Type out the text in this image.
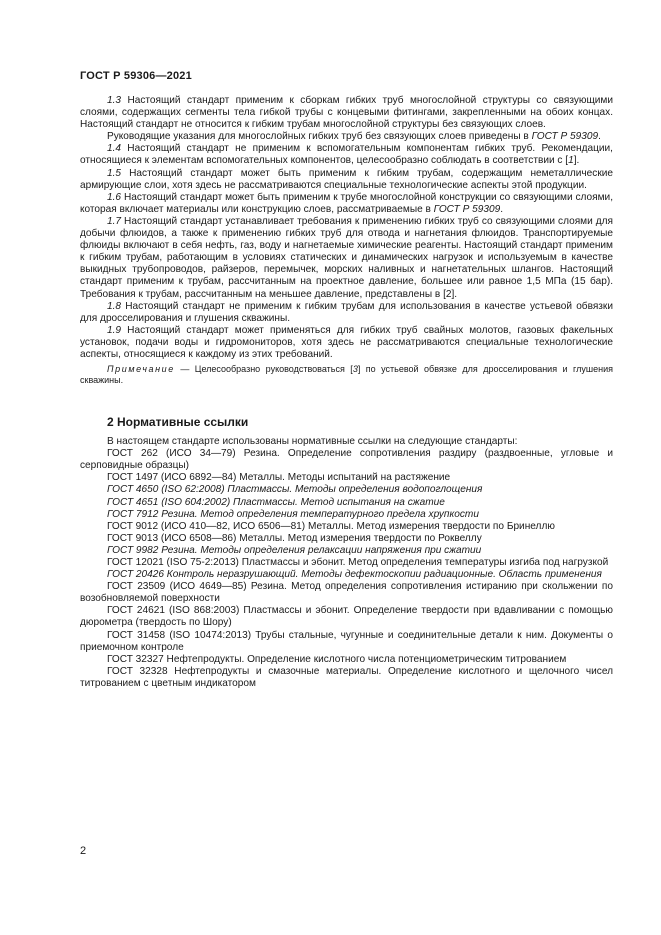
ГОСТ Р 59306—2021

1.3 Настоящий стандарт применим к сборкам гибких труб многослойной структуры со связующими слоями, содержащих сегменты тела гибкой трубы с концевыми фитингами, закрепленными на обоих концах. Настоящий стандарт не относится к гибким трубам многослойной структуры без связующих слоев.

Руководящие указания для многослойных гибких труб без связующих слоев приведены в ГОСТ Р 59309.

1.4 Настоящий стандарт не применим к вспомогательным компонентам гибких труб. Рекомендации, относящиеся к элементам вспомогательных компонентов, целесообразно соблюдать в соответствии с [1].

1.5 Настоящий стандарт может быть применим к гибким трубам, содержащим неметаллические армирующие слои, хотя здесь не рассматриваются специальные технологические аспекты этой продукции.

1.6 Настоящий стандарт может быть применим к трубе многослойной конструкции со связующими слоями, которая включает материалы или конструкцию слоев, рассматриваемые в ГОСТ Р 59309.

1.7 Настоящий стандарт устанавливает требования к применению гибких труб со связующими слоями для добычи флюидов, а также к применению гибких труб для отвода и нагнетания флюидов. Транспортируемые флюиды включают в себя нефть, газ, воду и нагнетаемые химические реагенты. Настоящий стандарт применим к гибким трубам, работающим в условиях статических и динамических нагрузок и используемым в качестве выкидных трубопроводов, райзеров, перемычек, морских наливных и нагнетательных шлангов. Настоящий стандарт применим к трубам, рассчитанным на проектное давление, большее или равное 1,5 МПа (15 бар). Требования к трубам, рассчитанным на меньшее давление, представлены в [2].

1.8 Настоящий стандарт не применим к гибким трубам для использования в качестве устьевой обвязки для дросселирования и глушения скважины.

1.9 Настоящий стандарт может применяться для гибких труб свайных молотов, газовых факельных установок, подачи воды и гидромониторов, хотя здесь не рассматриваются специальные технологические аспекты, относящиеся к каждому из этих требований.

Примечание — Целесообразно руководствоваться [3] по устьевой обвязке для дросселирования и глушения скважины.

2 Нормативные ссылки

В настоящем стандарте использованы нормативные ссылки на следующие стандарты:

ГОСТ 262 (ИСО 34—79) Резина. Определение сопротивления раздиру (раздвоенные, угловые и серповидные образцы)

ГОСТ 1497 (ИСО 6892—84) Металлы. Методы испытаний на растяжение

ГОСТ 4650 (ISO 62:2008) Пластмассы. Методы определения водопоглощения

ГОСТ 4651 (ISO 604:2002) Пластмассы. Метод испытания на сжатие

ГОСТ 7912 Резина. Метод определения температурного предела хрупкости

ГОСТ 9012 (ИСО 410—82, ИСО 6506—81) Металлы. Метод измерения твердости по Бринеллю

ГОСТ 9013 (ИСО 6508—86) Металлы. Метод измерения твердости по Роквеллу

ГОСТ 9982 Резина. Методы определения релаксации напряжения при сжатии

ГОСТ 12021 (ISO 75-2:2013) Пластмассы и эбонит. Метод определения температуры изгиба под нагрузкой

ГОСТ 20426 Контроль неразрушающий. Методы дефектоскопии радиационные. Область применения

ГОСТ 23509 (ИСО 4649—85) Резина. Метод определения сопротивления истиранию при скольжении по возобновляемой поверхности

ГОСТ 24621 (ISO 868:2003) Пластмассы и эбонит. Определение твердости при вдавливании с помощью дюрометра (твердость по Шору)

ГОСТ 31458 (ISO 10474:2013) Трубы стальные, чугунные и соединительные детали к ним. Документы о приемочном контроле

ГОСТ 32327 Нефтепродукты. Определение кислотного числа потенциометрическим титрованием

ГОСТ 32328 Нефтепродукты и смазочные материалы. Определение кислотного и щелочного чисел титрованием с цветным индикатором

2
